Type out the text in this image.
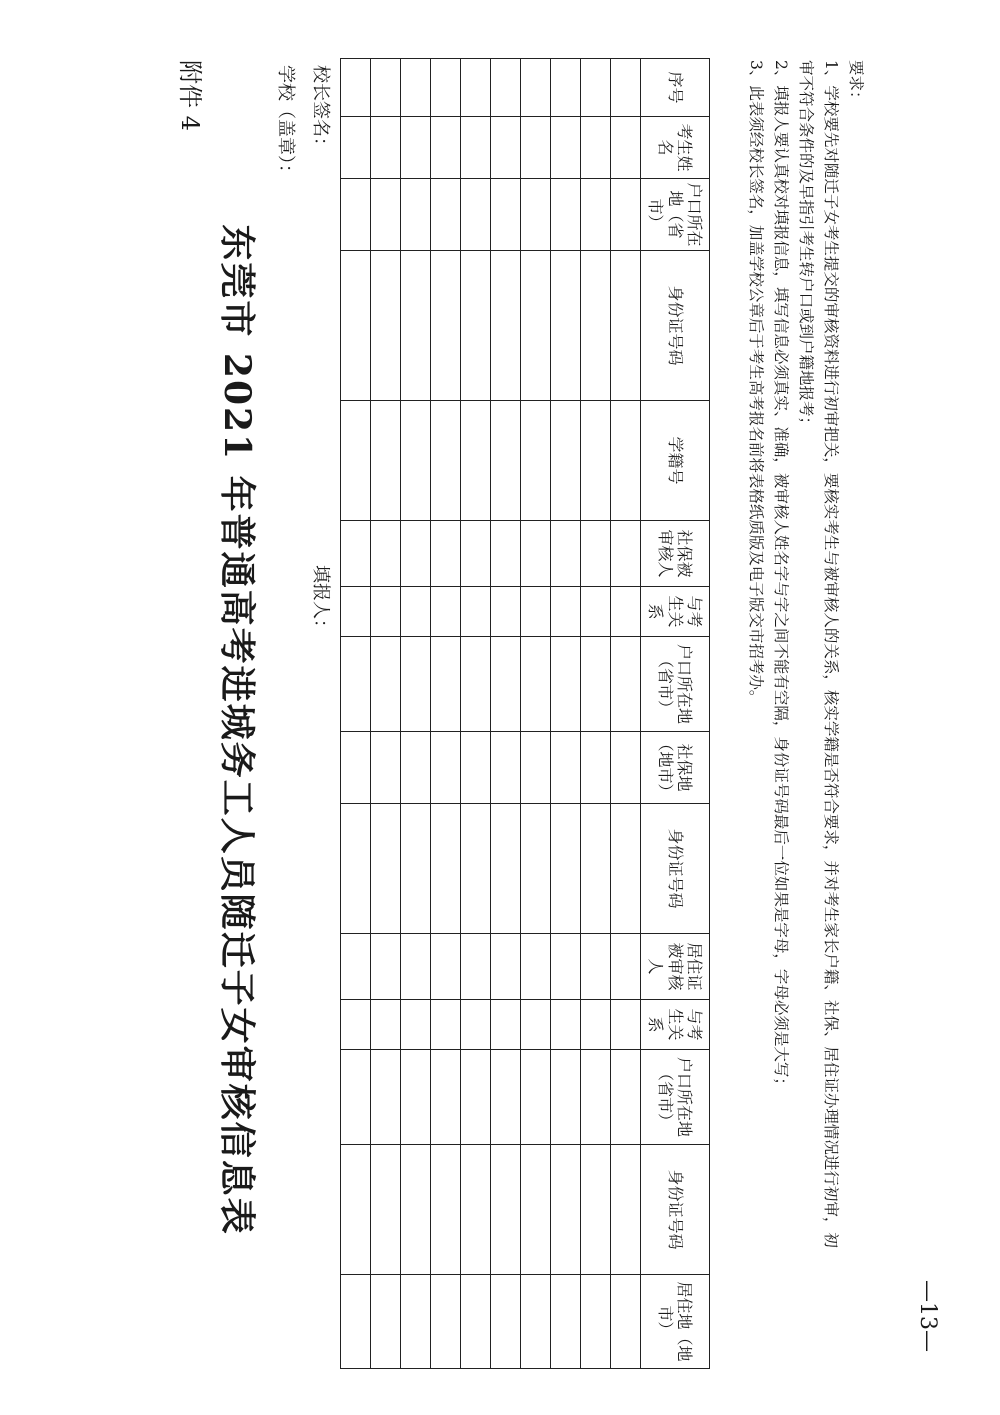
附件 4
东莞市 2021 年普通高考进城务工人员随迁子女审核信息表
学校（盖章）： 校长签名：
填报人：
序号	考生姓名	户口所在地（省市）	身份证号码	学籍号	社保被审核人	与考生关系	户口所在地（省市）	社保地（地市）	身份证号码	居住证被审核人	与考生关系	户口所在地（省市）	身份证号码	居住地（地市）

要求：
1、学校要先对随迁子女考生提交的审核资料进行初审把关，要核实考生与被审核人的关系，核实学籍是否符合要求，并对考生家长户籍、社保、居住证办理情况进行初审，初
审不符合条件的及早指引考生转户口或到户籍地报考；
2、填报人要认真校对填报信息，填写信息必须真实、准确，被审核人姓名字与字之间不能有空隔，身份证号码最后一位如果是字母，字母必须是大写；
3、此表须经校长签名，加盖学校公章后于考生高考报名前将表格纸质版及电子版交市招考办。
—13—
